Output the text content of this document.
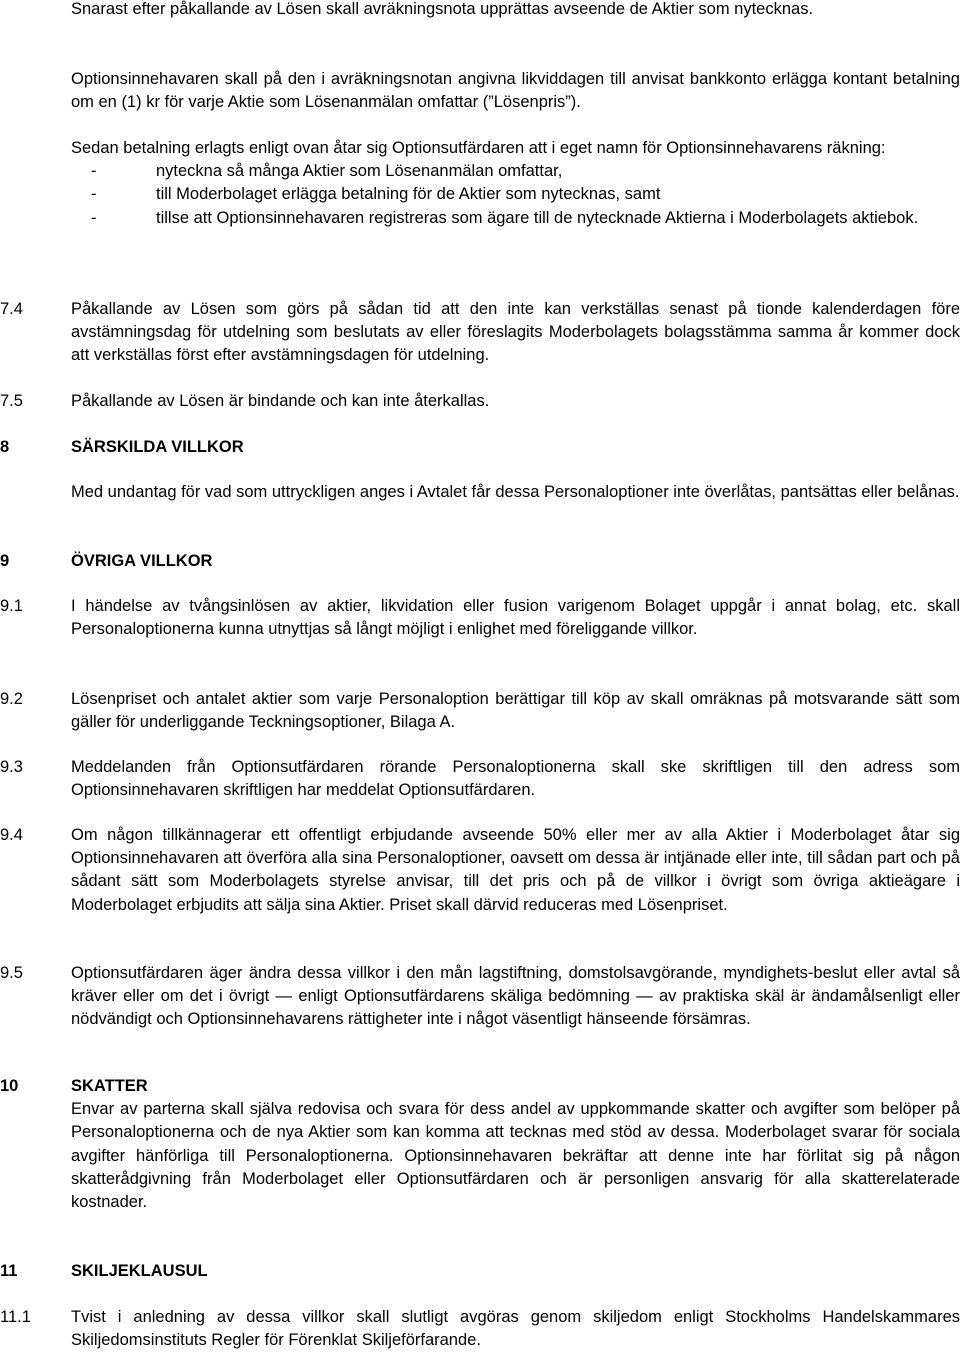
Snarast efter påkallande av Lösen skall avräkningsnota upprättas avseende de Aktier som nytecknas.

Optionsinnehavaren skall på den i avräkningsnotan angivna likviddagen till anvisat bankkonto erlägga kontant betalning om en (1) kr för varje Aktie som Lösenanmälan omfattar (”Lösenpris”).

Sedan betalning erlagts enligt ovan åtar sig Optionsutfärdaren att i eget namn för Optionsinnehavarens räkning:
-	nyteckna så många Aktier som Lösenanmälan omfattar,
-	till Moderbolaget erlägga betalning för de Aktier som nytecknas, samt
-	tillse att Optionsinnehavaren registreras som ägare till de nytecknade Aktierna i Moderbolagets aktiebok.
7.4	Påkallande av Lösen som görs på sådan tid att den inte kan verkställas senast på tionde kalenderdagen före avstämningsdag för utdelning som beslutats av eller föreslagits Moderbolagets bolagsstämma samma år kommer dock att verkställas först efter avstämningsdagen för utdelning.
7.5	Påkallande av Lösen är bindande och kan inte återkallas.
8	SÄRSKILDA VILLKOR

Med undantag för vad som uttryckligen anges i Avtalet får dessa Personaloptioner inte överlåtas, pantsättas eller belånas.

9	ÖVRIGA VILLKOR
9.1	I händelse av tvångsinlösen av aktier, likvidation eller fusion varigenom Bolaget uppgår i annat bolag, etc. skall Personaloptionerna kunna utnyttjas så långt möjligt i enlighet med föreliggande villkor.
9.2	Lösenpriset och antalet aktier som varje Personaloption berättigar till köp av skall omräknas på motsvarande sätt som gäller för underliggande Teckningsoptioner, Bilaga A.
9.3	Meddelanden från Optionsutfärdaren rörande Personaloptionerna skall ske skriftligen till den adress som Optionsinnehavaren skriftligen har meddelat Optionsutfärdaren.
9.4	Om någon tillkännagerar ett offentligt erbjudande avseende 50% eller mer av alla Aktier i Moderbolaget åtar sig Optionsinnehavaren att överföra alla sina Personaloptioner, oavsett om dessa är intjänade eller inte, till sådan part och på sådant sätt som Moderbolagets styrelse anvisar, till det pris och på de villkor i övrigt som övriga aktieägare i Moderbolaget erbjudits att sälja sina Aktier. Priset skall därvid reduceras med Lösenpriset.
9.5	Optionsutfärdaren äger ändra dessa villkor i den mån lagstiftning, domstolsavgörande, myndighets-beslut eller avtal så kräver eller om det i övrigt — enligt Optionsutfärdarens skäliga bedömning — av praktiska skäl är ändamålsenligt eller nödvändigt och Optionsinnehavarens rättigheter inte i något väsentligt hänseende försämras.
10	SKATTER
Envar av parterna skall själva redovisa och svara för dess andel av uppkommande skatter och avgifter som belöper på Personaloptionerna och de nya Aktier som kan komma att tecknas med stöd av dessa. Moderbolaget svarar för sociala avgifter hänförliga till Personaloptionerna. Optionsinnehavaren bekräftar att denne inte har förlitat sig på någon skatterådgivning från Moderbolaget eller Optionsutfärdaren och är personligen ansvarig för alla skatterelaterade kostnader.
11	SKILJEKLAUSUL
11.1 Tvist i anledning av dessa villkor skall slutligt avgöras genom skiljedom enligt Stockholms Handelskammares Skiljedomsinstituts Regler för Förenklat Skiljeförfarande.
